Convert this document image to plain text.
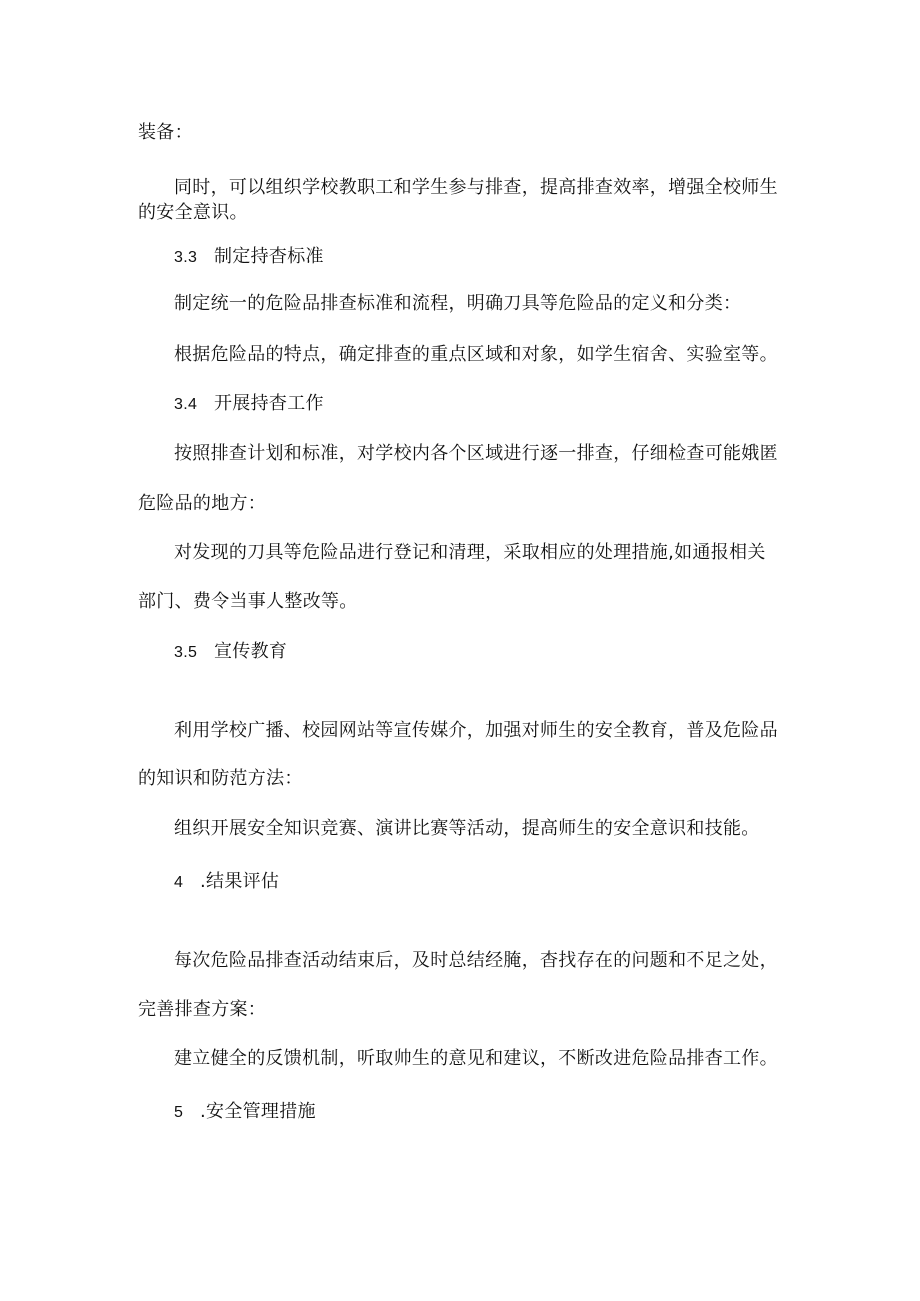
装备：
同时，可以组织学校教职工和学生参与排查，提高排查效率，增强全校师生
的安全意识。
3.3 制定持杳标准
制定统一的危险品排查标准和流程，明确刀具等危险品的定义和分类：
根据危险品的特点，确定排查的重点区域和对象，如学生宿舍、实验室等。
3.4 开展持杳工作
按照排查计划和标准，对学校内各个区域进行逐一排查，仔细检查可能娥匿
危险品的地方：
对发现的刀具等危险品进行登记和清理，采取相应的处理措施,如通报相关
部门、费令当事人整改等。
3.5 宣传教育
利用学校广播、校园网站等宣传媒介，加强对师生的安全教育，普及危险品
的知识和防范方法：
组织开展安全知识竞赛、演讲比赛等活动，提高师生的安全意识和技能。
4 .结果评估
每次危险品排查活动结束后，及时总结经腌，杳找存在的问题和不足之处，
完善排查方案：
建立健全的反馈机制，听取帅生的意见和建议，不断改进危险品排杳工作。
5 .安全管理措施
